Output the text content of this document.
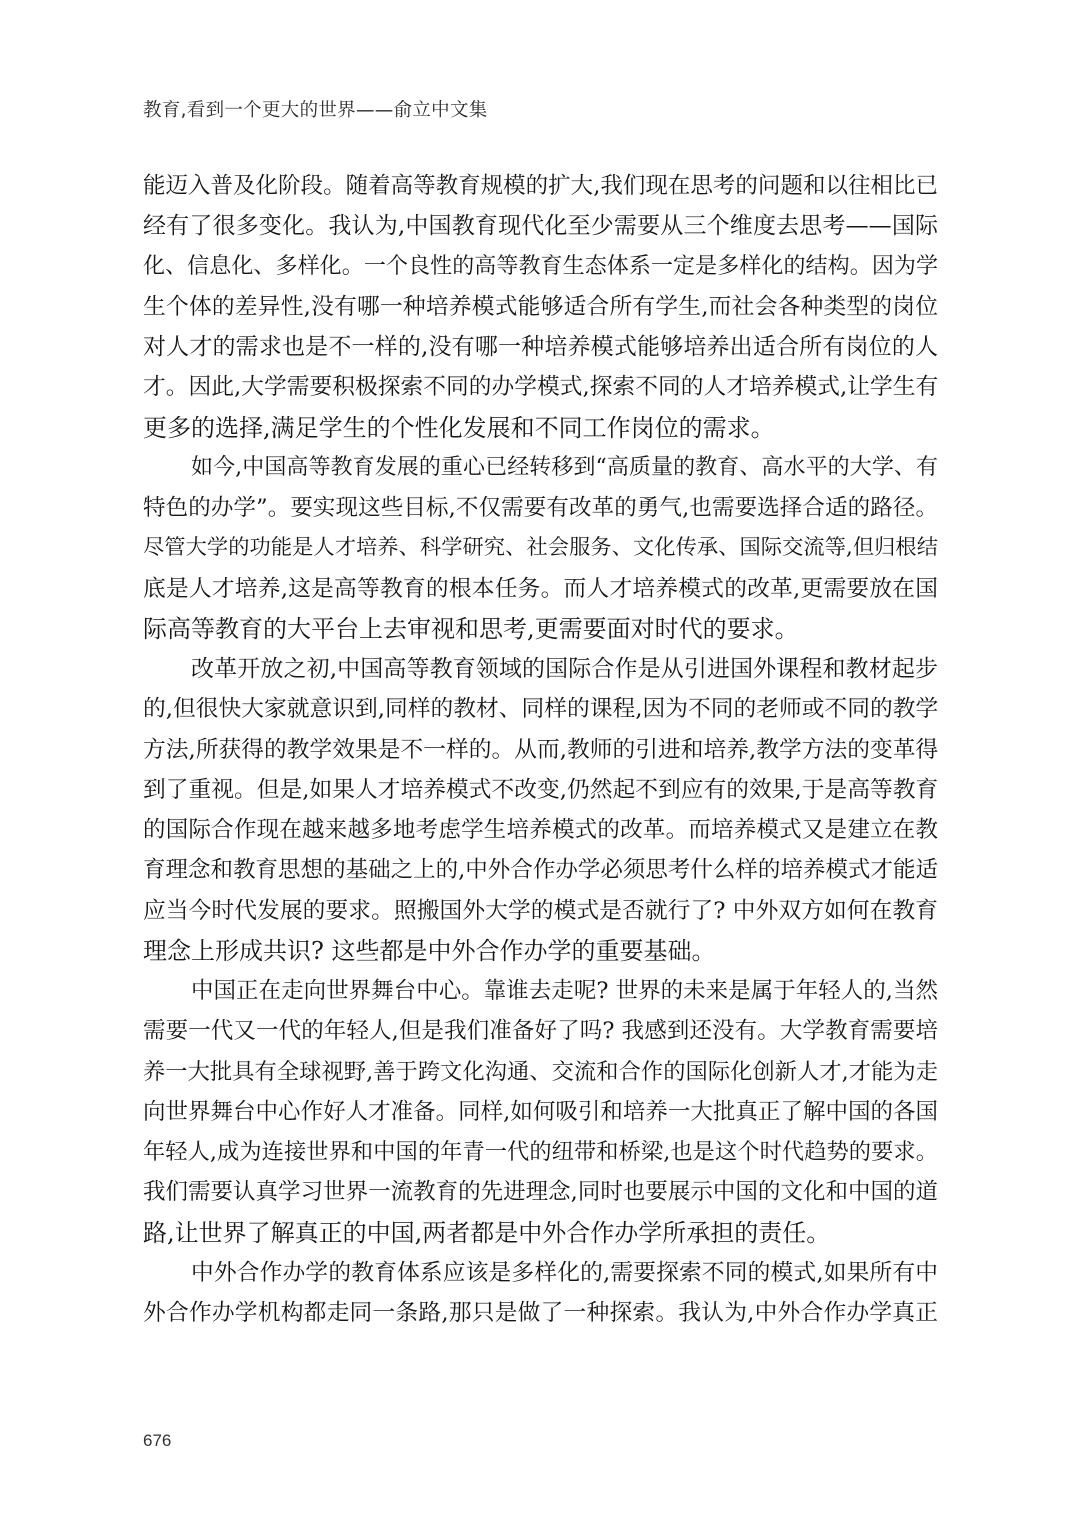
教育,看到一个更大的世界——俞立中文集
能迈入普及化阶段。随着高等教育规模的扩大,我们现在思考的问题和以往相比已
经有了很多变化。我认为,中国教育现代化至少需要从三个维度去思考——国际
化、信息化、多样化。一个良性的高等教育生态体系一定是多样化的结构。因为学
生个体的差异性,没有哪一种培养模式能够适合所有学生,而社会各种类型的岗位
对人才的需求也是不一样的,没有哪一种培养模式能够培养出适合所有岗位的人
才。因此,大学需要积极探索不同的办学模式,探索不同的人才培养模式,让学生有
更多的选择,满足学生的个性化发展和不同工作岗位的需求。
如今,中国高等教育发展的重心已经转移到“高质量的教育、高水平的大学、有
特色的办学”。要实现这些目标,不仅需要有改革的勇气,也需要选择合适的路径。
尽管大学的功能是人才培养、科学研究、社会服务、文化传承、国际交流等,但归根结
底是人才培养,这是高等教育的根本任务。而人才培养模式的改革,更需要放在国
际高等教育的大平台上去审视和思考,更需要面对时代的要求。
改革开放之初,中国高等教育领域的国际合作是从引进国外课程和教材起步
的,但很快大家就意识到,同样的教材、同样的课程,因为不同的老师或不同的教学
方法,所获得的教学效果是不一样的。从而,教师的引进和培养,教学方法的变革得
到了重视。但是,如果人才培养模式不改变,仍然起不到应有的效果,于是高等教育
的国际合作现在越来越多地考虑学生培养模式的改革。而培养模式又是建立在教
育理念和教育思想的基础之上的,中外合作办学必须思考什么样的培养模式才能适
应当今时代发展的要求。照搬国外大学的模式是否就行了? 中外双方如何在教育
理念上形成共识? 这些都是中外合作办学的重要基础。
中国正在走向世界舞台中心。靠谁去走呢? 世界的未来是属于年轻人的,当然
需要一代又一代的年轻人,但是我们准备好了吗? 我感到还没有。大学教育需要培
养一大批具有全球视野,善于跨文化沟通、交流和合作的国际化创新人才,才能为走
向世界舞台中心作好人才准备。同样,如何吸引和培养一大批真正了解中国的各国
年轻人,成为连接世界和中国的年青一代的纽带和桥梁,也是这个时代趋势的要求。
我们需要认真学习世界一流教育的先进理念,同时也要展示中国的文化和中国的道
路,让世界了解真正的中国,两者都是中外合作办学所承担的责任。
中外合作办学的教育体系应该是多样化的,需要探索不同的模式,如果所有中
外合作办学机构都走同一条路,那只是做了一种探索。我认为,中外合作办学真正
676
